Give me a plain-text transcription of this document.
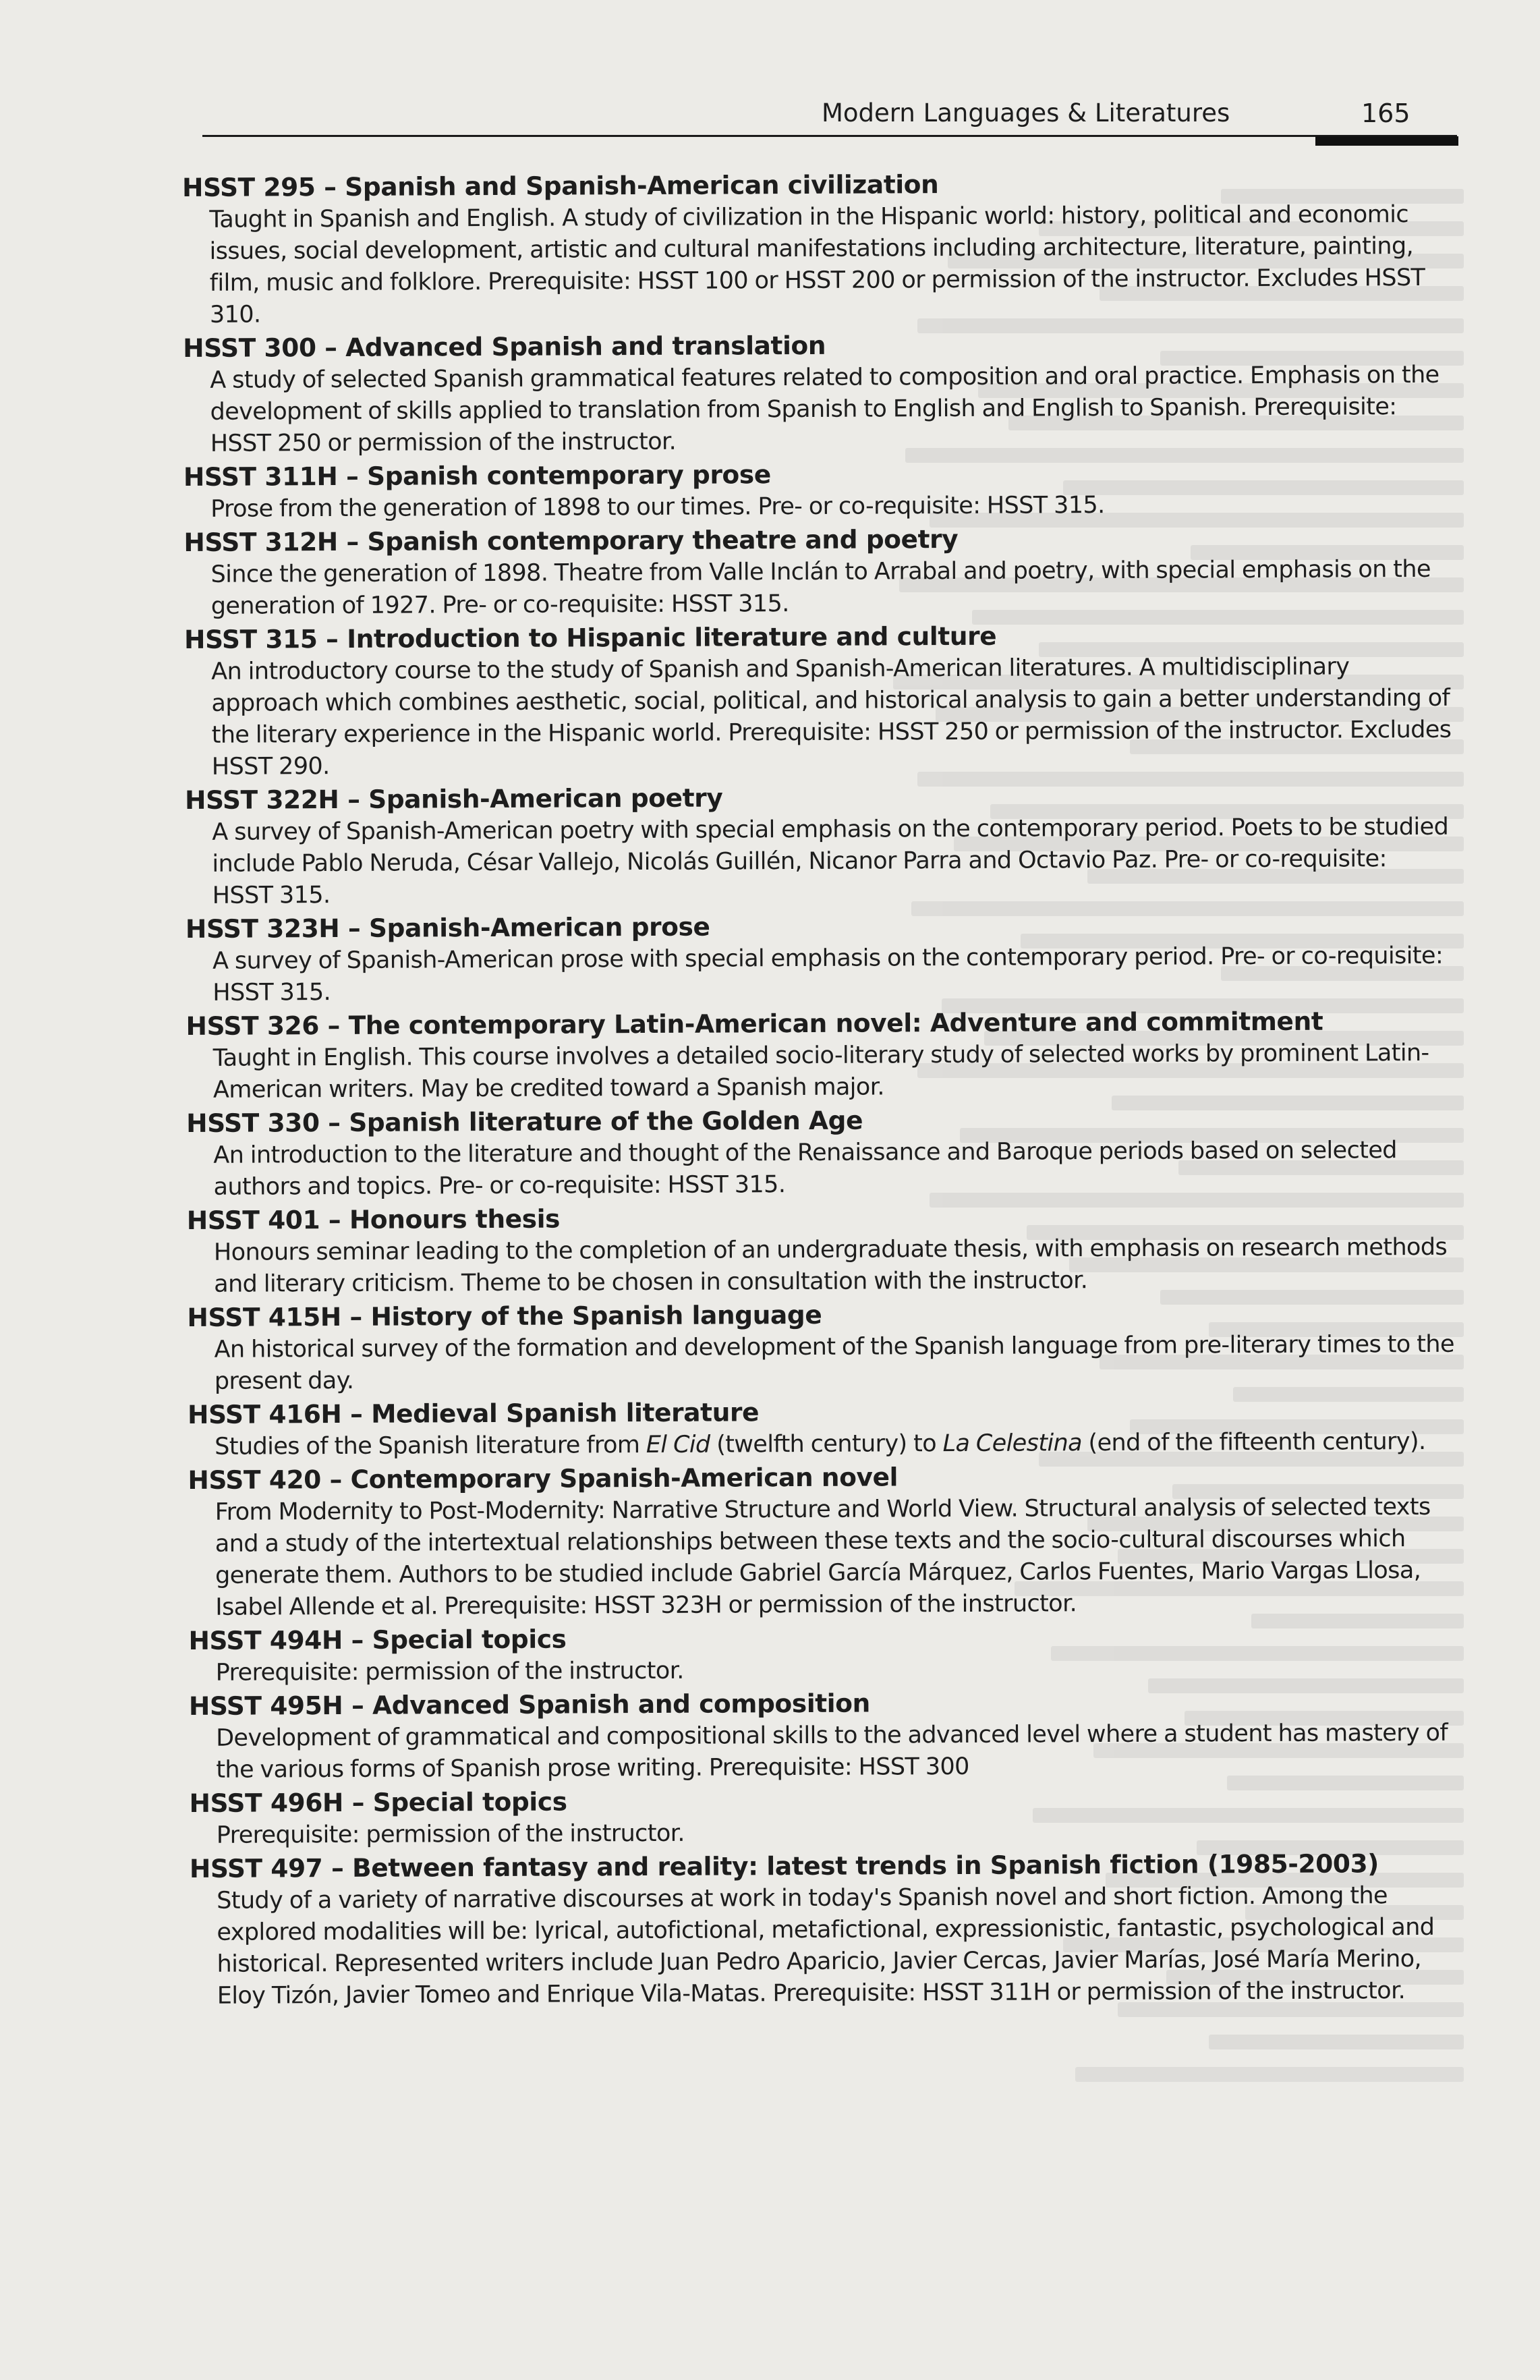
Modern Languages & Literatures	165
HSST 295 – Spanish and Spanish-American civilization
Taught in Spanish and English. A study of civilization in the Hispanic world: history, political and economic issues, social development, artistic and cultural manifestations including architecture, literature, painting, film, music and folklore. Prerequisite: HSST 100 or HSST 200 or permission of the instructor. Excludes HSST 310.
HSST 300 – Advanced Spanish and translation
A study of selected Spanish grammatical features related to composition and oral practice. Emphasis on the development of skills applied to translation from Spanish to English and English to Spanish. Prerequisite: HSST 250 or permission of the instructor.
HSST 311H – Spanish contemporary prose
Prose from the generation of 1898 to our times. Pre- or co-requisite: HSST 315.
HSST 312H – Spanish contemporary theatre and poetry
Since the generation of 1898. Theatre from Valle Inclán to Arrabal and poetry, with special emphasis on the generation of 1927. Pre- or co-requisite: HSST 315.
HSST 315 – Introduction to Hispanic literature and culture
An introductory course to the study of Spanish and Spanish-American literatures. A multidisciplinary approach which combines aesthetic, social, political, and historical analysis to gain a better understanding of the literary experience in the Hispanic world. Prerequisite: HSST 250 or permission of the instructor. Excludes HSST 290.
HSST 322H – Spanish-American poetry
A survey of Spanish-American poetry with special emphasis on the contemporary period. Poets to be studied include Pablo Neruda, César Vallejo, Nicolás Guillén, Nicanor Parra and Octavio Paz. Pre- or co-requisite: HSST 315.
HSST 323H – Spanish-American prose
A survey of Spanish-American prose with special emphasis on the contemporary period. Pre- or co-requisite: HSST 315.
HSST 326 – The contemporary Latin-American novel: Adventure and commitment
Taught in English. This course involves a detailed socio-literary study of selected works by prominent Latin-American writers. May be credited toward a Spanish major.
HSST 330 – Spanish literature of the Golden Age
An introduction to the literature and thought of the Renaissance and Baroque periods based on selected authors and topics. Pre- or co-requisite: HSST 315.
HSST 401 – Honours thesis
Honours seminar leading to the completion of an undergraduate thesis, with emphasis on research methods and literary criticism. Theme to be chosen in consultation with the instructor.
HSST 415H – History of the Spanish language
An historical survey of the formation and development of the Spanish language from pre-literary times to the present day.
HSST 416H – Medieval Spanish literature
Studies of the Spanish literature from El Cid (twelfth century) to La Celestina (end of the fifteenth century).
HSST 420 – Contemporary Spanish-American novel
From Modernity to Post-Modernity: Narrative Structure and World View. Structural analysis of selected texts and a study of the intertextual relationships between these texts and the socio-cultural discourses which generate them. Authors to be studied include Gabriel García Márquez, Carlos Fuentes, Mario Vargas Llosa, Isabel Allende et al. Prerequisite: HSST 323H or permission of the instructor.
HSST 494H – Special topics
Prerequisite: permission of the instructor.
HSST 495H – Advanced Spanish and composition
Development of grammatical and compositional skills to the advanced level where a student has mastery of the various forms of Spanish prose writing. Prerequisite: HSST 300
HSST 496H – Special topics
Prerequisite: permission of the instructor.
HSST 497 – Between fantasy and reality: latest trends in Spanish fiction (1985-2003)
Study of a variety of narrative discourses at work in today's Spanish novel and short fiction. Among the explored modalities will be: lyrical, autofictional, metafictional, expressionistic, fantastic, psychological and historical. Represented writers include Juan Pedro Aparicio, Javier Cercas, Javier Marías, José María Merino, Eloy Tizón, Javier Tomeo and Enrique Vila-Matas. Prerequisite: HSST 311H or permission of the instructor.
